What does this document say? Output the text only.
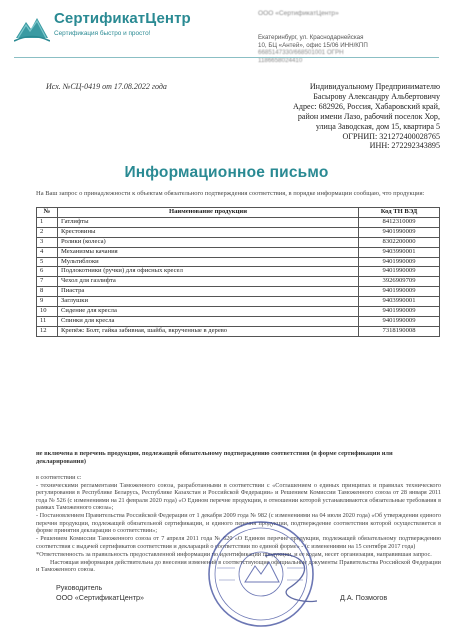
СертификатЦентр
Сертификация быстро и просто!
ООО «СертификатЦентр»
Екатеринбург, ул. Краснодарнейская
10, БЦ «Антей», офис 15/06 ИНН/КПП
6685147330/668501001 ОГРН
1186658024410
Исх. №СЦ-0419 от 17.08.2022 года	Индивидуальному Предпринимателю
Басырову Александру Альбертовичу
Адрес: 682926, Россия, Хабаровский край,
район имени Лазо, рабочий поселок Хор,
улица Заводская, дом 15, квартира 5
ОГРНИП: 321272400028765
ИНН: 272292343895
Информационное письмо
На Ваш запрос о принадлежности к объектам обязательного подтверждения соответствия, в порядке информации сообщаю, что продукция:
№	Наименование продукции	Код ТН ВЭД
1	Гатлифты	8412310009
2	Крестовины	9401990009
3	Ролики (колеса)	8302200000
4	Механизмы качания	9403990001
5	Мультиблоки	9401990009
6	Подлокотники (ручки) для офисных кресел	9401990009
7	Чехол для газлифта	3926909709
8	Пиастра	9401990009
9	Заглушки	9403990001
10	Сидение для кресла	9401990009
11	Спинки для кресла	9401990009
12	Крепёж: Болт, гайка забивная, шайба, вкрученные в дерево	7318190008
не включена в перечень продукции, подлежащей обязательному подтверждению соответствия (в форме сертификации или декларирования)

в соответствии с:

- техническими регламентами Таможенного союза, разработанными в соответствии с «Соглашением о единых принципах и правилах технического регулирования в Республике Беларусь, Республике Казахстан и Российской Федерации» и Решением Комиссии Таможенного союза от 28 января 2011 года № 526 (с изменениями на 21 февраля 2020 года) «О Едином перечне продукции, в отношении которой устанавливаются обязательные требования в рамках Таможенного союза»;

- Постановлением Правительства Российской Федерации от 1 декабря 2009 года № 982 (с изменениями на 04 июля 2020 года) «Об утверждении единого перечня продукции, подлежащей обязательной сертификации, и единого перечня продукции, подтверждение соответствия которой осуществляется в форме принятия декларации о соответствии»;

- Решением Комиссии Таможенного союза от 7 апреля 2011 года № 620 «О Едином перечне продукции, подлежащей обязательному подтверждению соответствия с выдачей сертификатов соответствия и деклараций о соответствии по единой форме» - (с изменениями на 15 сентября 2017 года)

*Ответственность за правильность предоставленной информации по идентификации продукции, и ее кодам, несет организация, направившая запрос.

Настоящая информация действительна до внесения изменений в соответствующие официальные документы Правительства Российской Федерации и Таможенного союза.

Руководитель
ООО «СертификатЦентр»	Д.А. Позмогов
